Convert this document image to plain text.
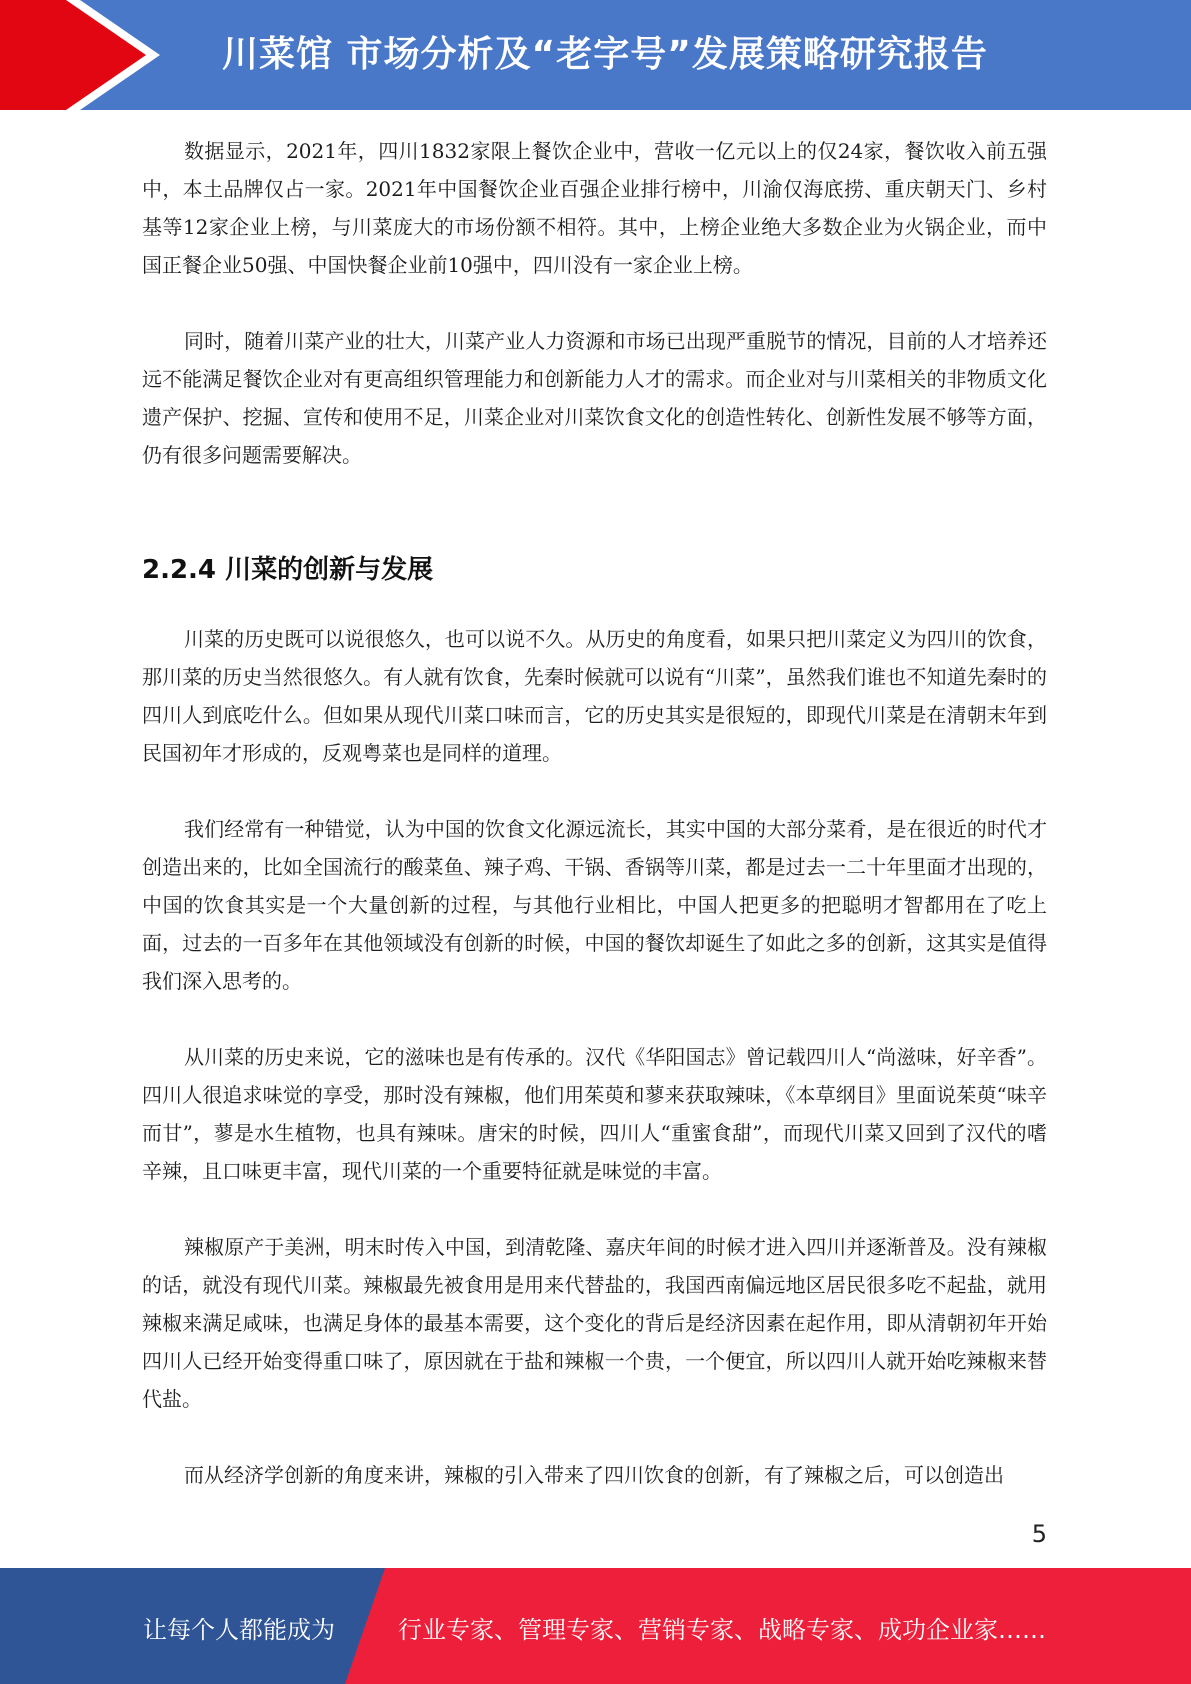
川菜馆 市场分析及“老字号”发展策略研究报告

数据显示，2021年，四川1832家限上餐饮企业中，营收一亿元以上的仅24家，餐饮收入前五强中，本土品牌仅占一家。2021年中国餐饮企业百强企业排行榜中，川渝仅海底捞、重庆朝天门、乡村基等12家企业上榜，与川菜庞大的市场份额不相符。其中，上榜企业绝大多数企业为火锅企业，而中国正餐企业50强、中国快餐企业前10强中，四川没有一家企业上榜。

同时，随着川菜产业的壮大，川菜产业人力资源和市场已出现严重脱节的情况，目前的人才培养还远不能满足餐饮企业对有更高组织管理能力和创新能力人才的需求。而企业对与川菜相关的非物质文化遗产保护、挖掘、宣传和使用不足，川菜企业对川菜饮食文化的创造性转化、创新性发展不够等方面，仍有很多问题需要解决。

2.2.4 川菜的创新与发展

川菜的历史既可以说很悠久，也可以说不久。从历史的角度看，如果只把川菜定义为四川的饮食，那川菜的历史当然很悠久。有人就有饮食，先秦时候就可以说有“川菜”，虽然我们谁也不知道先秦时的四川人到底吃什么。但如果从现代川菜口味而言，它的历史其实是很短的，即现代川菜是在清朝末年到民国初年才形成的，反观粤菜也是同样的道理。

我们经常有一种错觉，认为中国的饮食文化源远流长，其实中国的大部分菜肴，是在很近的时代才创造出来的，比如全国流行的酸菜鱼、辣子鸡、干锅、香锅等川菜，都是过去一二十年里面才出现的，中国的饮食其实是一个大量创新的过程，与其他行业相比，中国人把更多的把聪明才智都用在了吃上面，过去的一百多年在其他领域没有创新的时候，中国的餐饮却诞生了如此之多的创新，这其实是值得我们深入思考的。

从川菜的历史来说，它的滋味也是有传承的。汉代《华阳国志》曾记载四川人“尚滋味，好辛香”。四川人很追求味觉的享受，那时没有辣椒，他们用茱萸和蓼来获取辣味，《本草纲目》里面说茱萸“味辛而甘”，蓼是水生植物，也具有辣味。唐宋的时候，四川人“重蜜食甜”，而现代川菜又回到了汉代的嗜辛辣，且口味更丰富，现代川菜的一个重要特征就是味觉的丰富。

辣椒原产于美洲，明末时传入中国，到清乾隆、嘉庆年间的时候才进入四川并逐渐普及。没有辣椒的话，就没有现代川菜。辣椒最先被食用是用来代替盐的，我国西南偏远地区居民很多吃不起盐，就用辣椒来满足咸味，也满足身体的最基本需要，这个变化的背后是经济因素在起作用，即从清朝初年开始四川人已经开始变得重口味了，原因就在于盐和辣椒一个贵，一个便宜，所以四川人就开始吃辣椒来替代盐。

而从经济学创新的角度来讲，辣椒的引入带来了四川饮食的创新，有了辣椒之后，可以创造出

5
让每个人都能成为	行业专家、管理专家、营销专家、战略专家、成功企业家……
